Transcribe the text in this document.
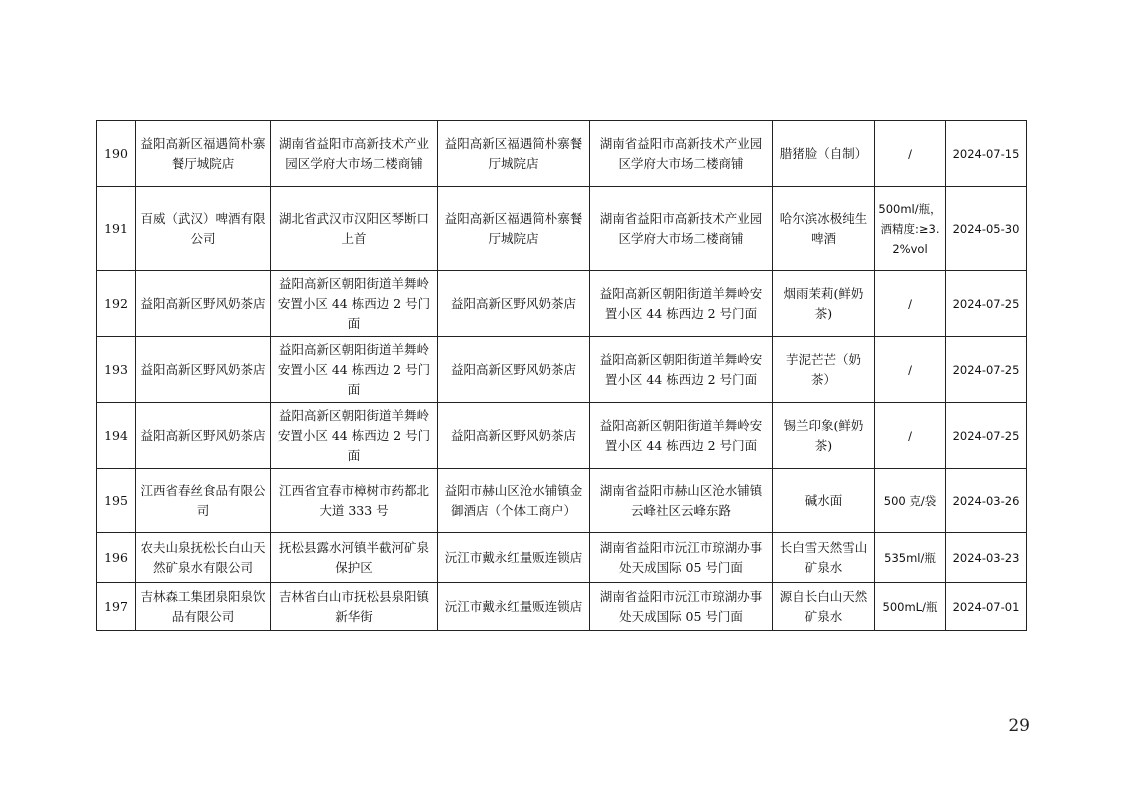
190	益阳高新区福遇简朴寨餐厅城院店	湖南省益阳市高新技术产业园区学府大市场二楼商铺	益阳高新区福遇简朴寨餐厅城院店	湖南省益阳市高新技术产业园区学府大市场二楼商铺	腊猪脸（自制）	/	2024-07-15
191	百威（武汉）啤酒有限公司	湖北省武汉市汉阳区琴断口上首	益阳高新区福遇简朴寨餐厅城院店	湖南省益阳市高新技术产业园区学府大市场二楼商铺	哈尔滨冰极纯生啤酒	500ml/瓶，酒精度:≥3.2%vol	2024-05-30
192	益阳高新区野风奶茶店	益阳高新区朝阳街道羊舞岭安置小区 44 栋西边 2 号门面	益阳高新区野风奶茶店	益阳高新区朝阳街道羊舞岭安置小区 44 栋西边 2 号门面	烟雨茉莉(鲜奶茶)	/	2024-07-25
193	益阳高新区野风奶茶店	益阳高新区朝阳街道羊舞岭安置小区 44 栋西边 2 号门面	益阳高新区野风奶茶店	益阳高新区朝阳街道羊舞岭安置小区 44 栋西边 2 号门面	芋泥芒芒（奶茶）	/	2024-07-25
194	益阳高新区野风奶茶店	益阳高新区朝阳街道羊舞岭安置小区 44 栋西边 2 号门面	益阳高新区野风奶茶店	益阳高新区朝阳街道羊舞岭安置小区 44 栋西边 2 号门面	锡兰印象(鲜奶茶)	/	2024-07-25
195	江西省春丝食品有限公司	江西省宜春市樟树市药都北大道 333 号	益阳市赫山区沧水铺镇金御酒店（个体工商户）	湖南省益阳市赫山区沧水铺镇云峰社区云峰东路	碱水面	500 克/袋	2024-03-26
196	农夫山泉抚松长白山天然矿泉水有限公司	抚松县露水河镇半截河矿泉保护区	沅江市戴永红量贩连锁店	湖南省益阳市沅江市琼湖办事处天成国际 05 号门面	长白雪天然雪山矿泉水	535ml/瓶	2024-03-23
197	吉林森工集团泉阳泉饮品有限公司	吉林省白山市抚松县泉阳镇新华街	沅江市戴永红量贩连锁店	湖南省益阳市沅江市琼湖办事处天成国际 05 号门面	源自长白山天然矿泉水	500mL/瓶	2024-07-01
29
